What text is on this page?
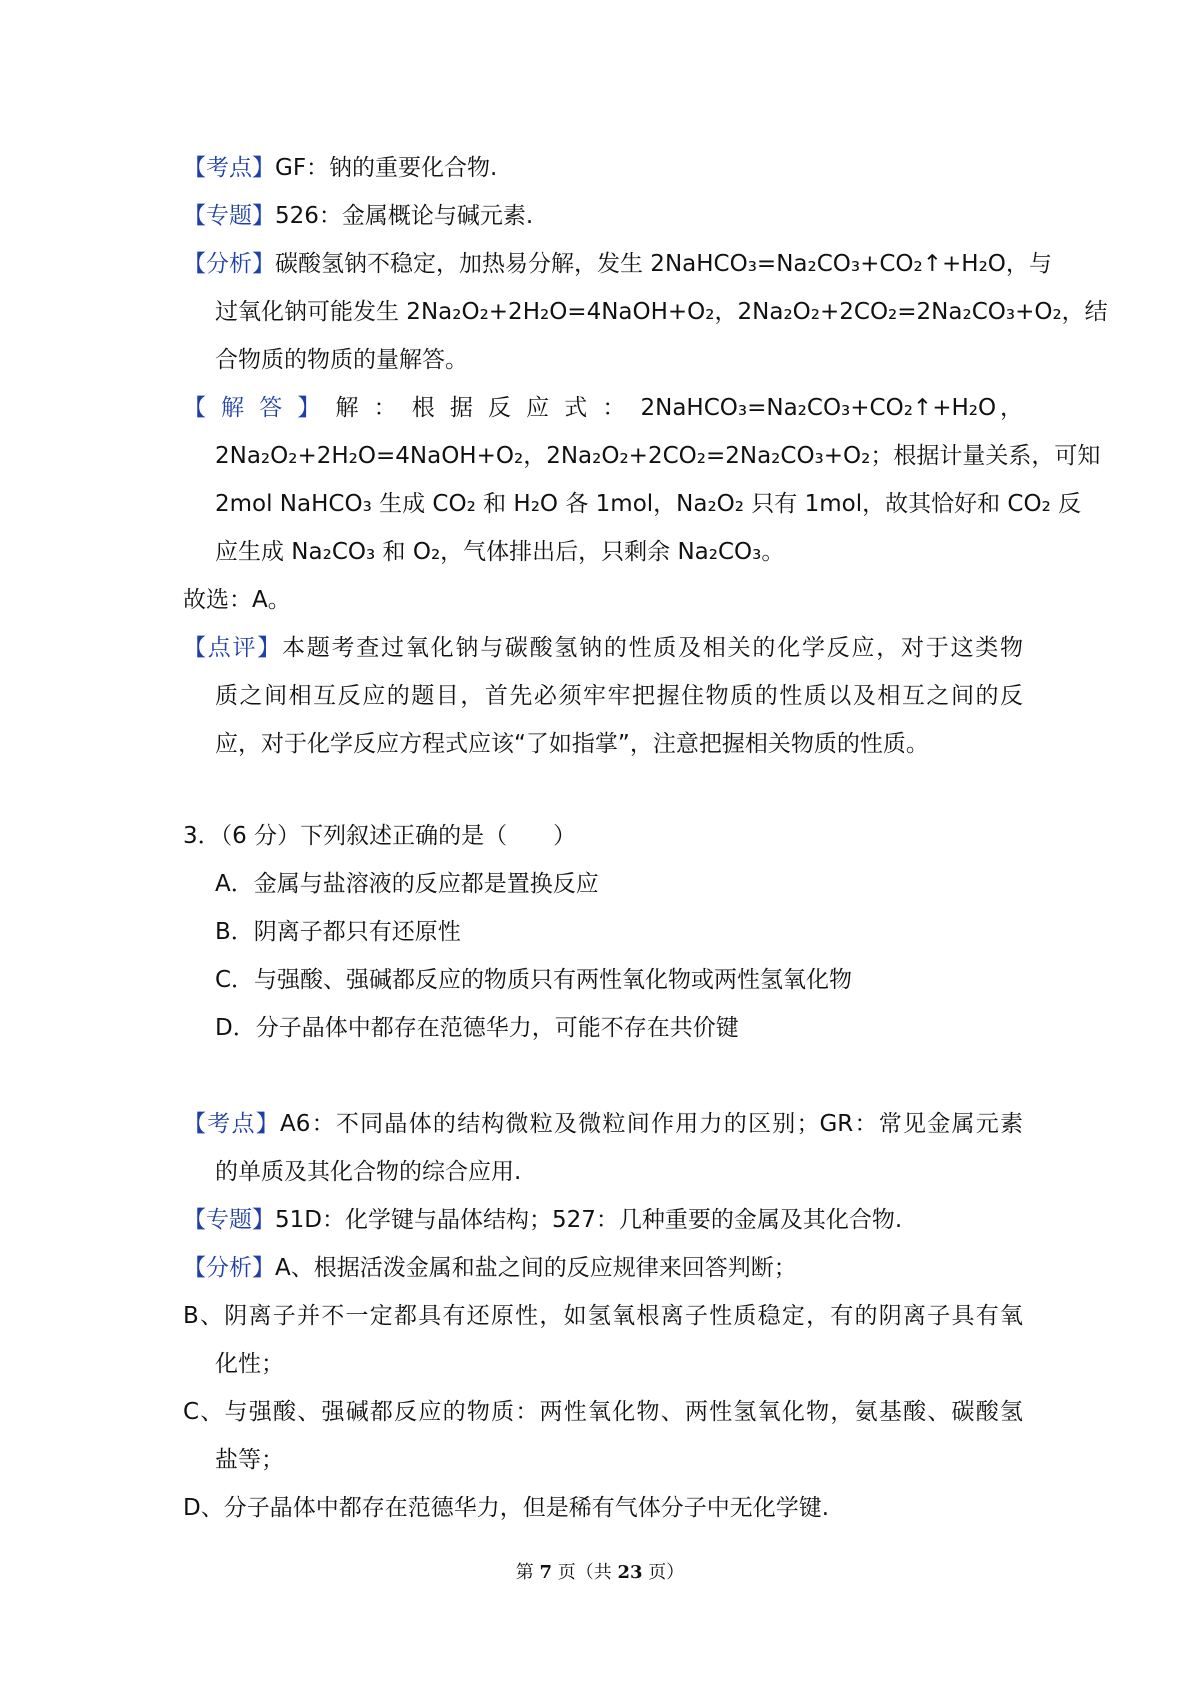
【考点】GF：钠的重要化合物.
【专题】526：金属概论与碱元素.
【分析】碳酸氢钠不稳定，加热易分解，发生 2NaHCO₃=Na₂CO₃+CO₂↑+H₂O，与
过氧化钠可能发生 2Na₂O₂+2H₂O=4NaOH+O₂，2Na₂O₂+2CO₂=2Na₂CO₃+O₂，结
合物质的物质的量解答。
【 解 答 】 解 ： 根 据 反 应 式 ： 2NaHCO₃=Na₂CO₃+CO₂↑+H₂O，
2Na₂O₂+2H₂O=4NaOH+O₂，2Na₂O₂+2CO₂=2Na₂CO₃+O₂；根据计量关系，可知
2mol NaHCO₃ 生成 CO₂ 和 H₂O 各 1mol，Na₂O₂ 只有 1mol，故其恰好和 CO₂ 反
应生成 Na₂CO₃ 和 O₂，气体排出后，只剩余 Na₂CO₃。
故选：A。
【点评】本题考查过氧化钠与碳酸氢钠的性质及相关的化学反应，对于这类物
质之间相互反应的题目，首先必须牢牢把握住物质的性质以及相互之间的反
应，对于化学反应方程式应该“了如指掌”，注意把握相关物质的性质。
3．（6 分）下列叙述正确的是（　　）
A．金属与盐溶液的反应都是置换反应
B．阴离子都只有还原性
C．与强酸、强碱都反应的物质只有两性氧化物或两性氢氧化物
D．分子晶体中都存在范德华力，可能不存在共价键
【考点】A6：不同晶体的结构微粒及微粒间作用力的区别；GR：常见金属元素
的单质及其化合物的综合应用.
【专题】51D：化学键与晶体结构；527：几种重要的金属及其化合物.
【分析】A、根据活泼金属和盐之间的反应规律来回答判断；
B、阴离子并不一定都具有还原性，如氢氧根离子性质稳定，有的阴离子具有氧
化性；
C、与强酸、强碱都反应的物质：两性氧化物、两性氢氧化物，氨基酸、碳酸氢
盐等；
D、分子晶体中都存在范德华力，但是稀有气体分子中无化学键.
第 7 页（共 23 页）
